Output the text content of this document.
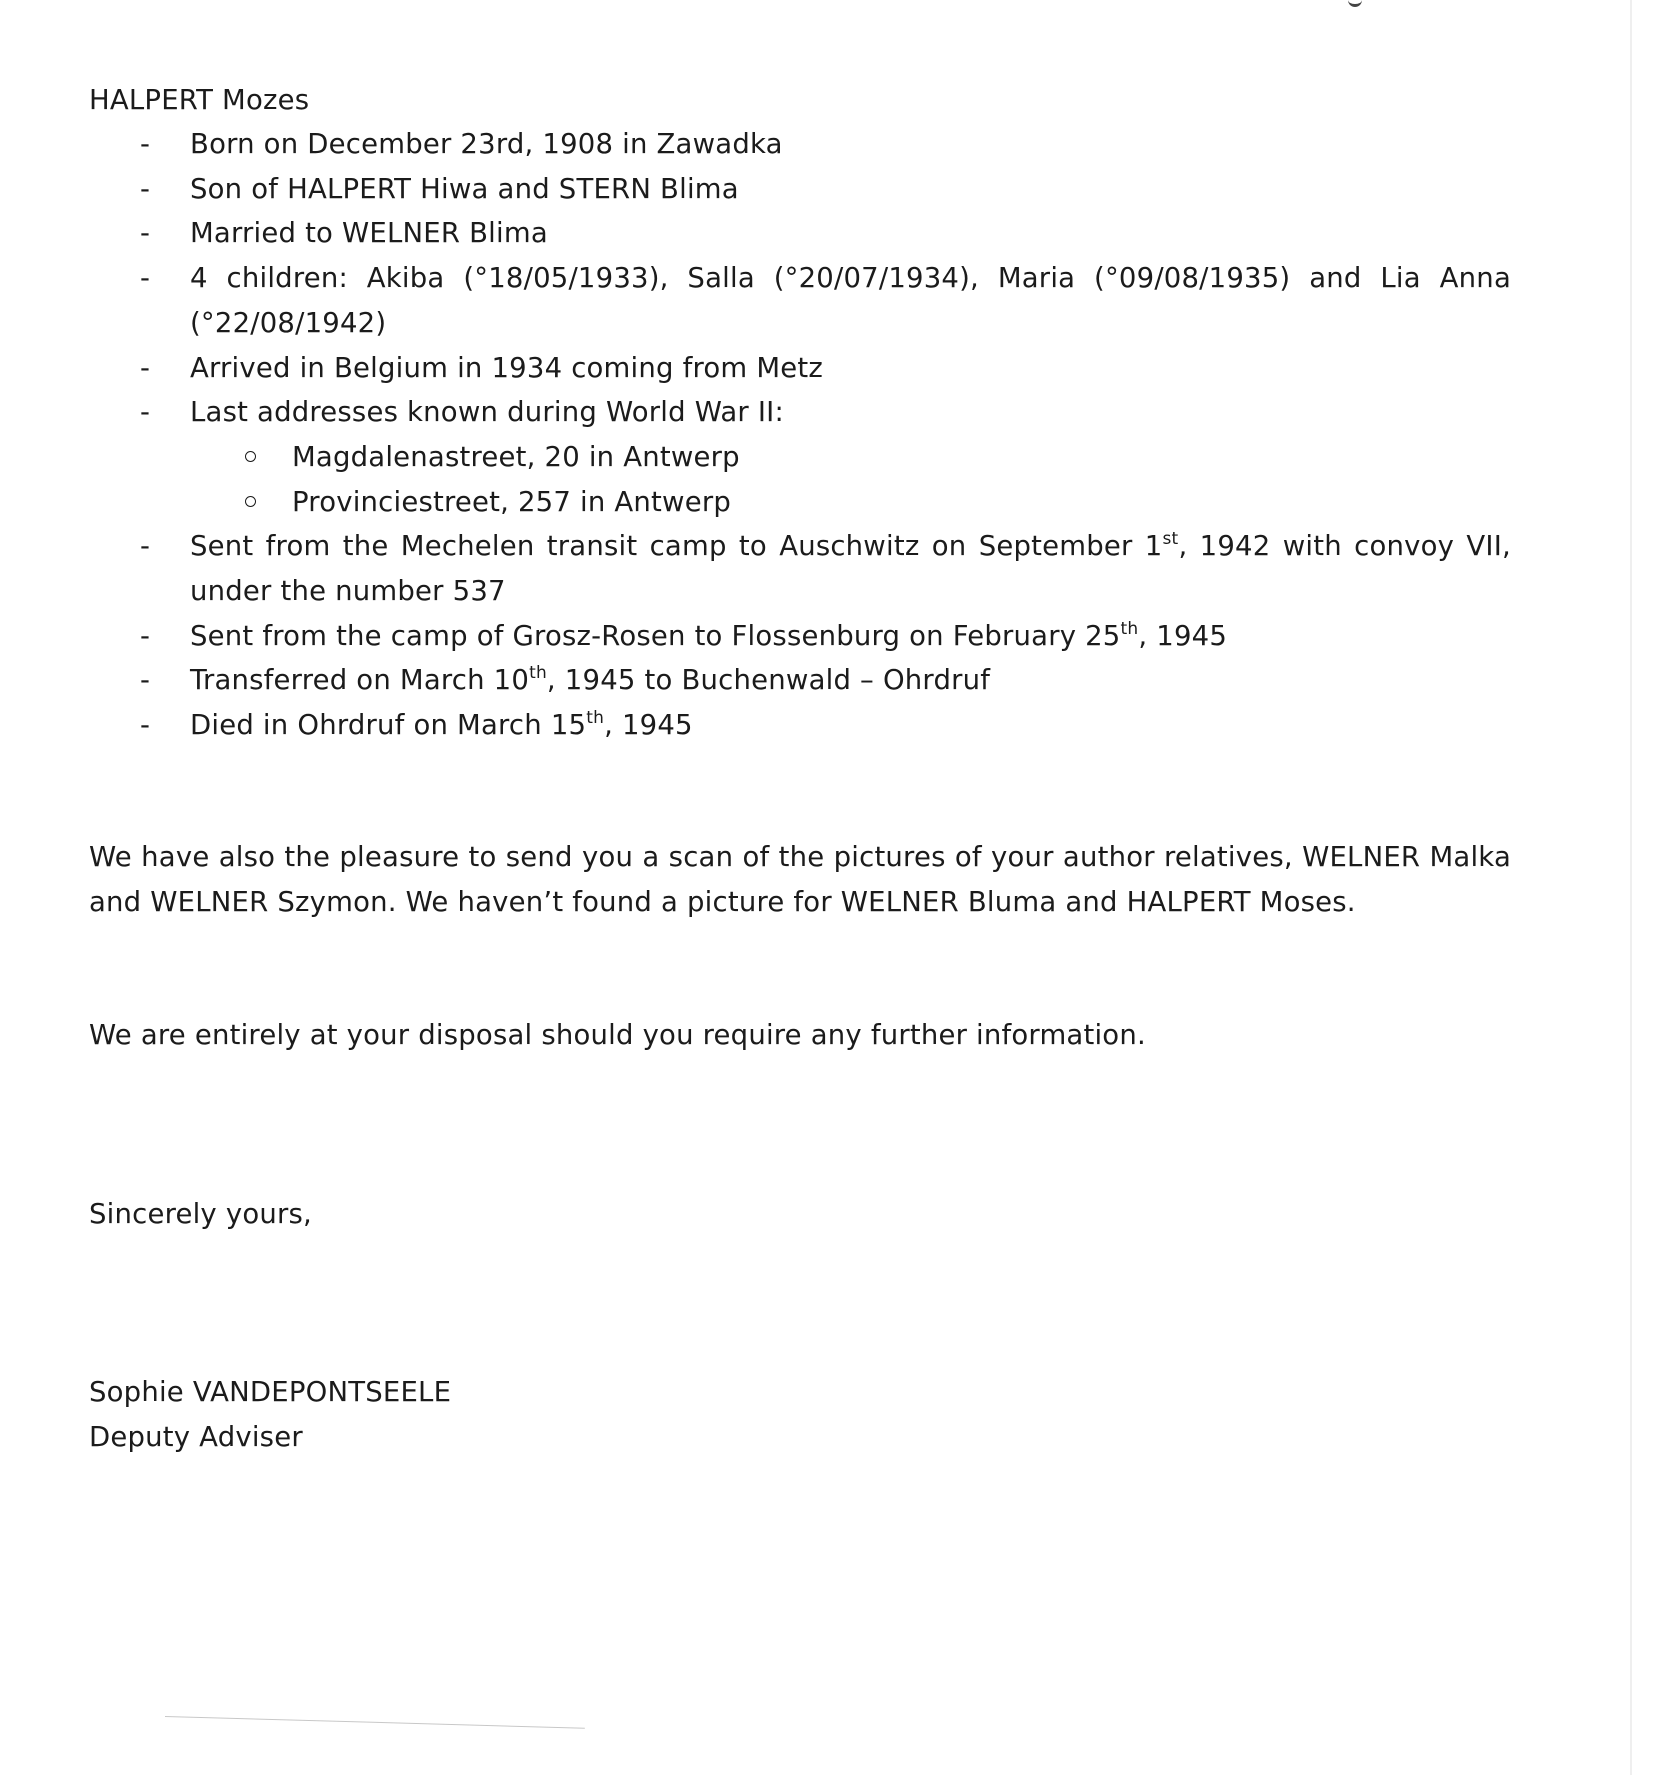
HALPERT Mozes
- Born on December 23rd, 1908 in Zawadka
- Son of HALPERT Hiwa and STERN Blima
- Married to WELNER Blima
- 4 children: Akiba (°18/05/1933), Salla (°20/07/1934), Maria (°09/08/1935) and Lia Anna (°22/08/1942)
- Arrived in Belgium in 1934 coming from Metz
- Last addresses known during World War II:
Magdalenastreet, 20 in Antwerp
Provinciestreet, 257 in Antwerp
- Sent from the Mechelen transit camp to Auschwitz on September 1st, 1942 with convoy VII, under the number 537
- Sent from the camp of Grosz-Rosen to Flossenburg on February 25th, 1945
- Transferred on March 10th, 1945 to Buchenwald – Ohrdruf
- Died in Ohrdruf on March 15th, 1945

We have also the pleasure to send you a scan of the pictures of your author relatives, WELNER Malka and WELNER Szymon. We haven’t found a picture for WELNER Bluma and HALPERT Moses.

We are entirely at your disposal should you require any further information.

Sincerely yours,
Sophie VANDEPONTSEELE
Deputy Adviser
